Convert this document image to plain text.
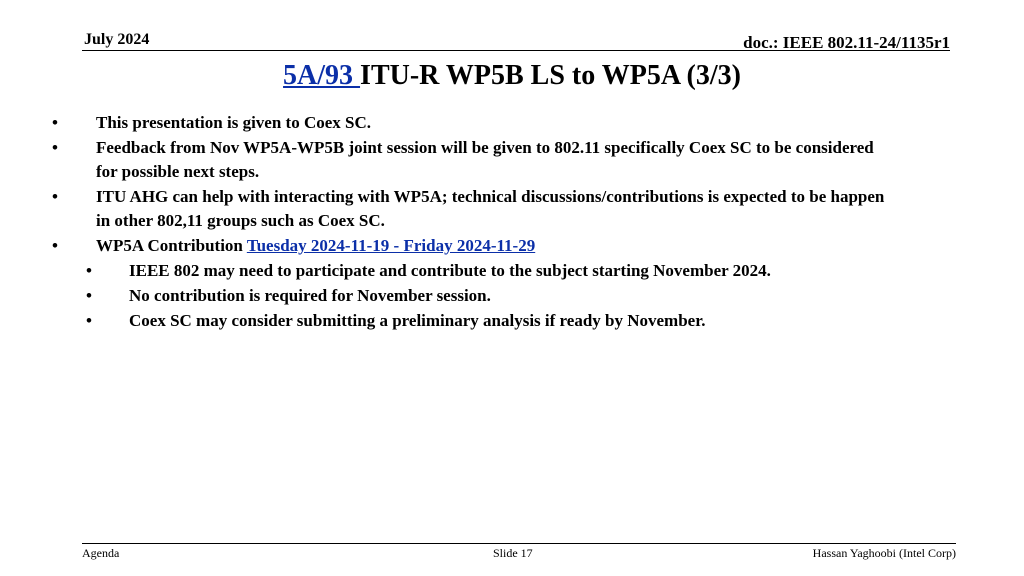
July 2024	doc.: IEEE 802.11-24/1135r1
5A/93 ITU-R WP5B LS to WP5A (3/3)
• This presentation is given to Coex SC.
• Feedback from Nov WP5A-WP5B joint session will be given to 802.11 specifically Coex SC to be considered for possible next steps.
• ITU AHG can help with interacting with WP5A; technical discussions/contributions is expected to be happen in other 802,11 groups such as Coex SC.
• WP5A Contribution Tuesday 2024-11-19 - Friday 2024-11-29
• IEEE 802 may need to participate and contribute to the subject starting November 2024.
• No contribution is required for November session.
• Coex SC may consider submitting a preliminary analysis if ready by November.
Agenda	Slide 17	Hassan Yaghoobi (Intel Corp)
